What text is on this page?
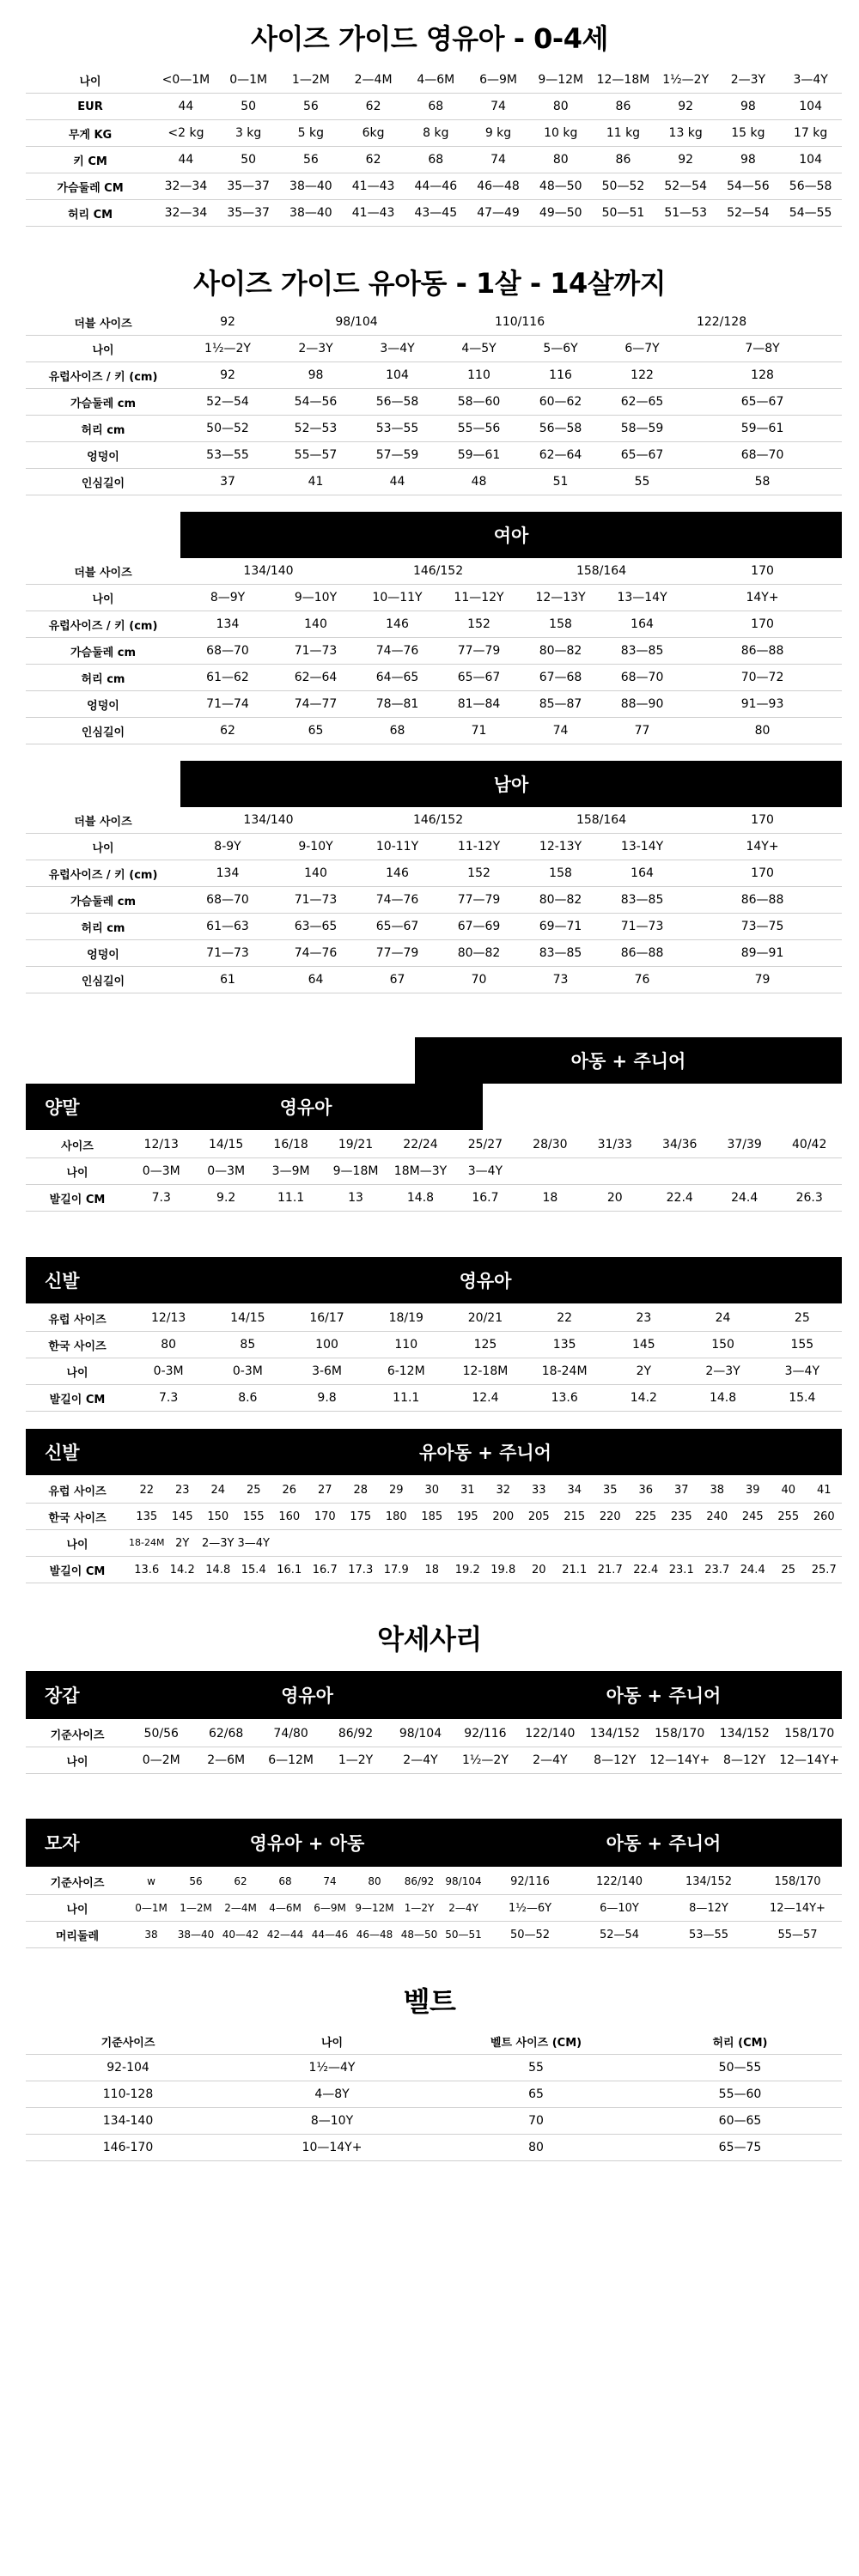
사이즈 가이드 영유아 - 0-4세
나이	<0—1M	0—1M	1—2M	2—4M	4—6M	6—9M	9—12M	12—18M	1½—2Y	2—3Y	3—4Y
EUR	44	50	56	62	68	74	80	86	92	98	104
무게 KG	<2 kg	3 kg	5 kg	6kg	8 kg	9 kg	10 kg	11 kg	13 kg	15 kg	17 kg
키 CM	44	50	56	62	68	74	80	86	92	98	104
가슴둘레 CM	32—34	35—37	38—40	41—43	44—46	46—48	48—50	50—52	52—54	54—56	56—58
허리 CM	32—34	35—37	38—40	41—43	43—45	47—49	49—50	50—51	51—53	52—54	54—55
사이즈 가이드 유아동 - 1살 - 14살까지
더블 사이즈	92	98/104		110/116		122/128	
나이	1½—2Y	2—3Y	3—4Y	4—5Y	5—6Y	6—7Y	7—8Y
유럽사이즈 / 키 (cm)	92	98	104	110	116	122	128
가슴둘레 cm	52—54	54—56	56—58	58—60	60—62	62—65	65—67
허리 cm	50—52	52—53	53—55	55—56	56—58	58—59	59—61
엉덩이	53—55	55—57	57—59	59—61	62—64	65—67	68—70
인심길이	37	41	44	48	51	55	58
여아
더블 사이즈	134/140		146/152		158/164		170
나이	8—9Y	9—10Y	10—11Y	11—12Y	12—13Y	13—14Y	14Y+
유럽사이즈 / 키 (cm)	134	140	146	152	158	164	170
가슴둘레 cm	68—70	71—73	74—76	77—79	80—82	83—85	86—88
허리 cm	61—62	62—64	64—65	65—67	67—68	68—70	70—72
엉덩이	71—74	74—77	78—81	81—84	85—87	88—90	91—93
인심길이	62	65	68	71	74	77	80
남아
더블 사이즈	134/140		146/152		158/164		170
나이	8-9Y	9-10Y	10-11Y	11-12Y	12-13Y	13-14Y	14Y+
유럽사이즈 / 키 (cm)	134	140	146	152	158	164	170
가슴둘레 cm	68—70	71—73	74—76	77—79	80—82	83—85	86—88
허리 cm	61—63	63—65	65—67	67—69	69—71	71—73	73—75
엉덩이	71—73	74—76	77—79	80—82	83—85	86—88	89—91
인심길이	61	64	67	70	73	76	79
아동 + 주니어
양말	영유아
사이즈	12/13	14/15	16/18	19/21	22/24	25/27	28/30	31/33	34/36	37/39	40/42
나이	0—3M	0—3M	3—9M	9—18M	18M—3Y	3—4Y					
발길이 CM	7.3	9.2	11.1	13	14.8	16.7	18	20	22.4	24.4	26.3
신발	영유아
유럽 사이즈	12/13	14/15	16/17	18/19	20/21	22	23	24	25
한국 사이즈	80	85	100	110	125	135	145	150	155
나이	0-3M	0-3M	3-6M	6-12M	12-18M	18-24M	2Y	2—3Y	3—4Y
발길이 CM	7.3	8.6	9.8	11.1	12.4	13.6	14.2	14.8	15.4
신발	유아동 + 주니어
유럽 사이즈	22	23	24	25	26	27	28	29	30	31	32	33	34	35	36	37	38	39	40	41
한국 사이즈	135	145	150	155	160	170	175	180	185	195	200	205	215	220	225	235	240	245	255	260
나이	18-24M	2Y	2—3Y	3—4Y																
발길이 CM	13.6	14.2	14.8	15.4	16.1	16.7	17.3	17.9	18	19.2	19.8	20	21.1	21.7	22.4	23.1	23.7	24.4	25	25.7
악세사리
장갑	영유아	아동 + 주니어
기준사이즈	50/56	62/68	74/80	86/92	98/104	92/116	122/140	134/152	158/170	134/152	158/170
나이	0—2M	2—6M	6—12M	1—2Y	2—4Y	1½—2Y	2—4Y	8—12Y	12—14Y+	8—12Y	12—14Y+
모자	영유아 + 아동	아동 + 주니어
기준사이즈	w	56	62	68	74	80	86/92	98/104	92/116	122/140	134/152	158/170
나이	0—1M	1—2M	2—4M	4—6M	6—9M	9—12M	1—2Y	2—4Y	1½—6Y	6—10Y	8—12Y	12—14Y+
머리둘레	38	38—40	40—42	42—44	44—46	46—48	48—50	50—51	50—52	52—54	53—55	55—57
벨트
기준사이즈	나이	벨트 사이즈 (CM)	허리 (CM)
92-104	1½—4Y	55	50—55
110-128	4—8Y	65	55—60
134-140	8—10Y	70	60—65
146-170	10—14Y+	80	65—75
